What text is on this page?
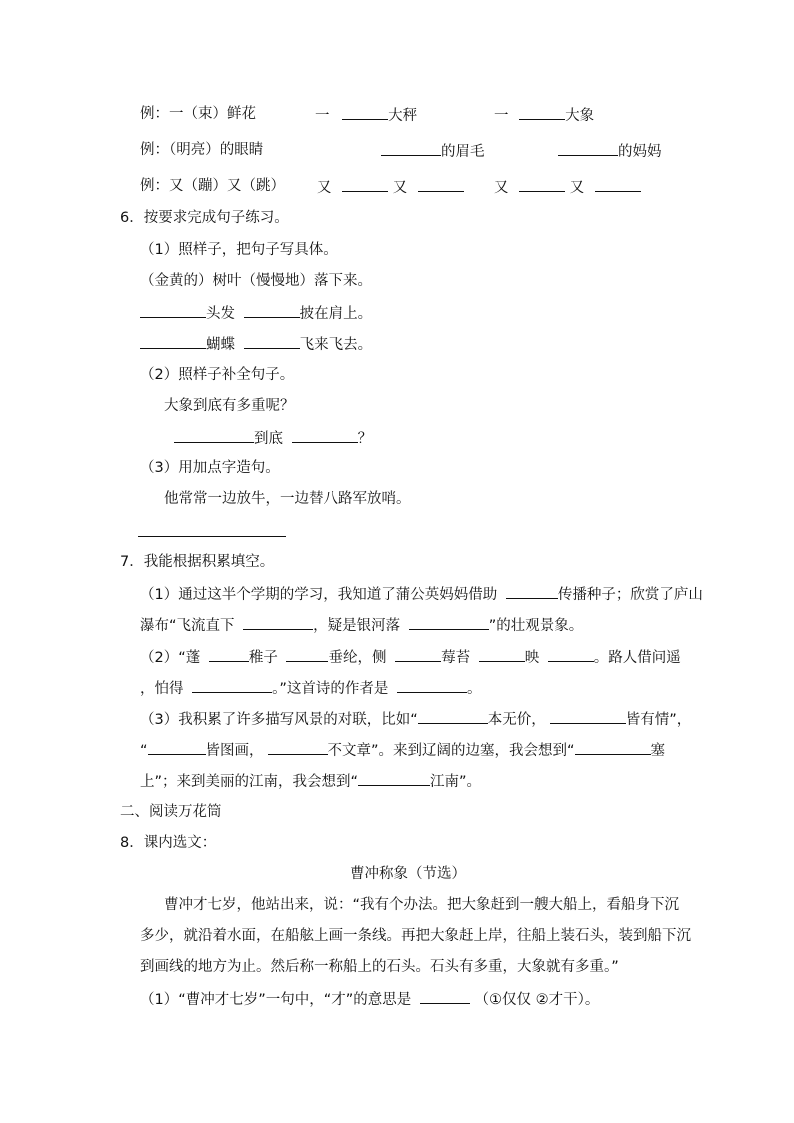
例：一（束）鲜花	一	大秤	一	大象
例：（明亮）的眼睛	的眉毛	的妈妈
例：又（蹦）又（跳） 又	又	又	又
6．按要求完成句子练习。
（1）照样子，把句子写具体。
（金黄的）树叶（慢慢地）落下来。
头发	披在肩上。
蝴蝶	飞来飞去。
（2）照样子补全句子。
大象到底有多重呢？
到底	？
（3）用加点字造句。
他常常一边放牛，一边替八路军放哨。
7．我能根据积累填空。
（1）通过这半个学期的学习，我知道了蒲公英妈妈借助	传播种子；欣赏了庐山
瀑布“飞流直下	，疑是银河落	”的壮观景象。
（2）“蓬	稚子	垂纶，侧	莓苔	映	。路人借问遥
，怕得	。”这首诗的作者是	。
（3）我积累了许多描写风景的对联，比如“	本无价，	皆有情”，
“	皆图画，	不文章”。来到辽阔的边塞，我会想到“	塞
上”；来到美丽的江南，我会想到“	江南”。
二、阅读万花筒
8．课内选文：
曹冲称象（节选）
曹冲才七岁，他站出来，说：“我有个办法。把大象赶到一艘大船上，看船身下沉
多少，就沿着水面，在船舷上画一条线。再把大象赶上岸，往船上装石头，装到船下沉
到画线的地方为止。然后称一称船上的石头。石头有多重，大象就有多重。”
（1）“曹冲才七岁”一句中，“才”的意思是	（①仅仅 ②才干）。
